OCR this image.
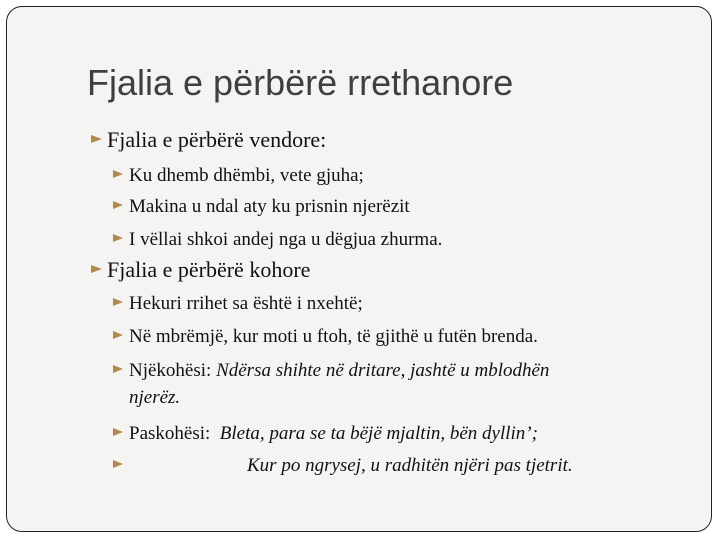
Fjalia e përbërë rrethanore
Fjalia e përbërë vendore:
Ku dhemb dhëmbi, vete gjuha;
Makina u ndal aty ku prisnin njerëzit
I vëllai shkoi andej nga u dëgjua zhurma.
Fjalia e përbërë kohore
Hekuri rrihet sa është i nxehtë;
Në mbrëmjë, kur moti u ftoh, të gjithë u futën brenda.
Njëkohësi: Ndërsa shihte në dritare, jashtë u mblodhën
njerëz.
Paskohësi: Bleta, para se ta bëjë mjaltin, bën dyllin’;
Kur po ngrysej, u radhitën njëri pas tjetrit.
